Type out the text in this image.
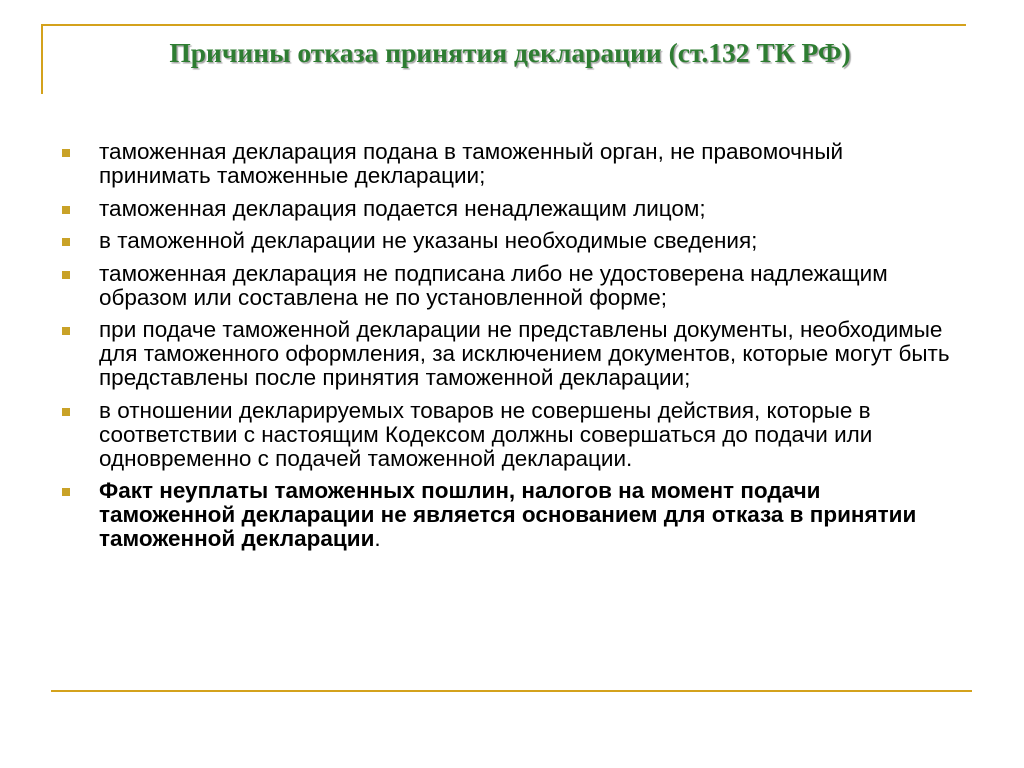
Причины отказа принятия декларации (ст.132 ТК РФ)
таможенная декларация подана в таможенный орган, не правомочный принимать таможенные декларации;
таможенная декларация подается ненадлежащим лицом;
в таможенной декларации не указаны необходимые сведения;
таможенная декларация не подписана либо не удостоверена надлежащим образом или составлена не по установленной форме;
при подаче таможенной декларации не представлены документы, необходимые для таможенного оформления, за исключением документов, которые могут быть представлены после принятия таможенной декларации;
в отношении декларируемых товаров не совершены действия, которые в соответствии с настоящим Кодексом должны совершаться до подачи или одновременно с подачей таможенной декларации.
Факт неуплаты таможенных пошлин, налогов на момент подачи таможенной декларации не является основанием для отказа в принятии таможенной декларации.
